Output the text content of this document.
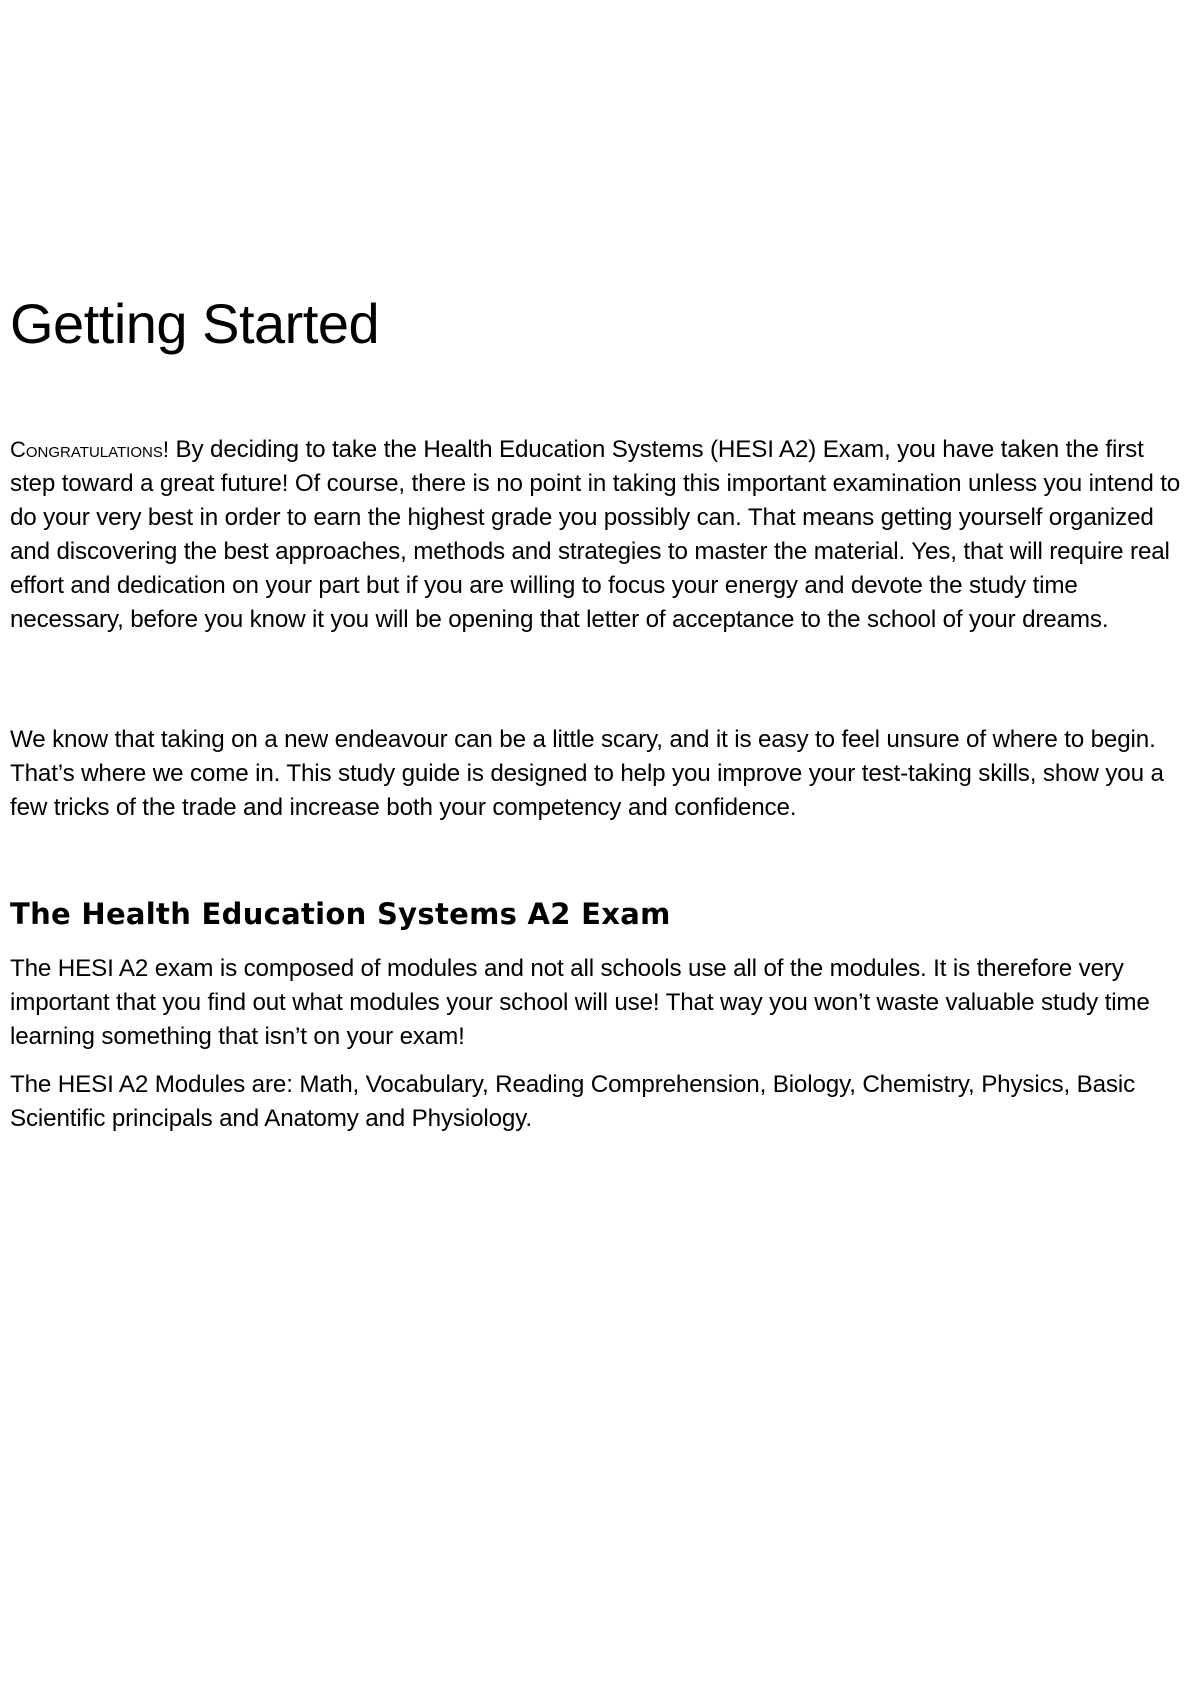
Getting Started

Congratulations! By deciding to take the Health Education Systems (HESI A2) Exam, you have taken the first step toward a great future! Of course, there is no point in taking this important examination unless you intend to do your very best in order to earn the highest grade you possibly can. That means getting yourself organized and discovering the best approaches, methods and strategies to master the material. Yes, that will require real effort and dedication on your part but if you are willing to focus your energy and devote the study time necessary, before you know it you will be opening that letter of acceptance to the school of your dreams.

We know that taking on a new endeavour can be a little scary, and it is easy to feel unsure of where to begin. That’s where we come in. This study guide is designed to help you improve your test-taking skills, show you a few tricks of the trade and increase both your competency and confidence.

The Health Education Systems A2 Exam

The HESI A2 exam is composed of modules and not all schools use all of the modules. It is therefore very important that you find out what modules your school will use! That way you won’t waste valuable study time learning something that isn’t on your exam!

The HESI A2 Modules are: Math, Vocabulary, Reading Comprehension, Biology, Chemistry, Physics, Basic Scientific principals and Anatomy and Physiology.
